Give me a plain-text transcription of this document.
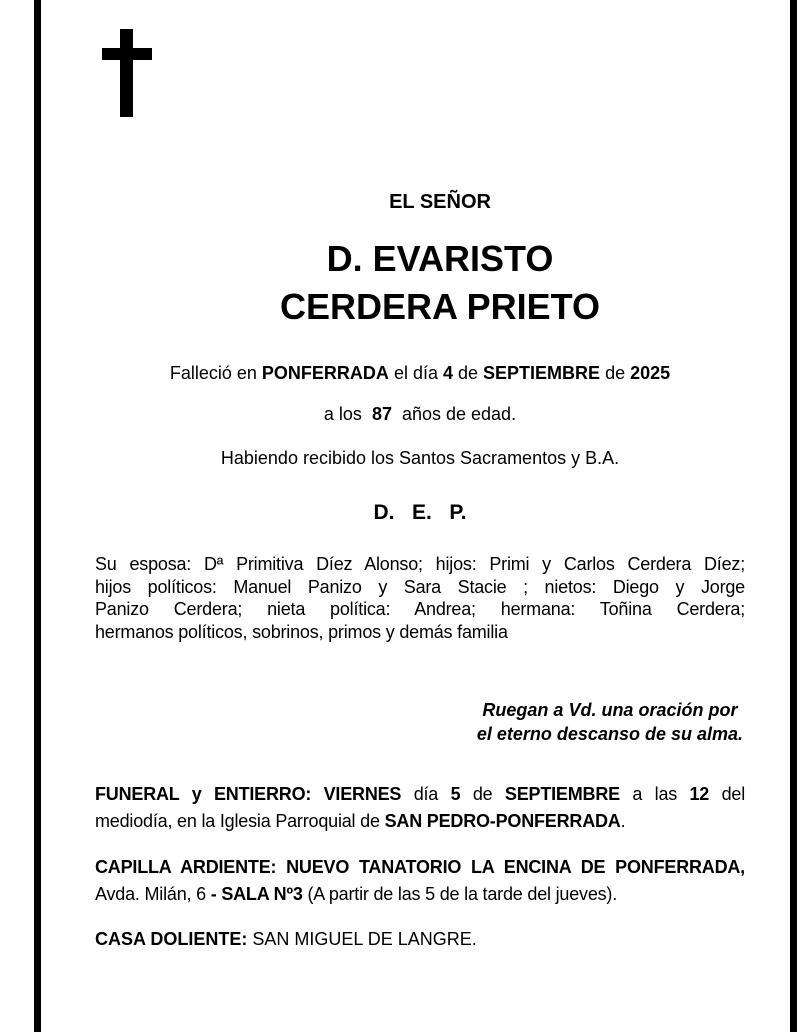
EL SEÑOR
D. EVARISTO
CERDERA PRIETO
Falleció en PONFERRADA el día 4 de SEPTIEMBRE de 2025
a los  87  años de edad.
Habiendo recibido los Santos Sacramentos y B.A.
D.   E.   P.
Su esposa: Dª Primitiva Díez Alonso; hijos: Primi y Carlos Cerdera Díez;
hijos políticos: Manuel Panizo y Sara Stacie ; nietos: Diego y Jorge
Panizo Cerdera; nieta política: Andrea; hermana: Toñina Cerdera;
hermanos políticos, sobrinos, primos y demás familia
Ruegan a Vd. una oración por
el eterno descanso de su alma.
FUNERAL y ENTIERRO: VIERNES día 5 de SEPTIEMBRE a las 12 del
mediodía, en la Iglesia Parroquial de SAN PEDRO-PONFERRADA.
CAPILLA ARDIENTE: NUEVO TANATORIO LA ENCINA DE PONFERRADA,
Avda. Milán, 6 - SALA Nº3 (A partir de las 5 de la tarde del jueves).
CASA DOLIENTE: SAN MIGUEL DE LANGRE.
